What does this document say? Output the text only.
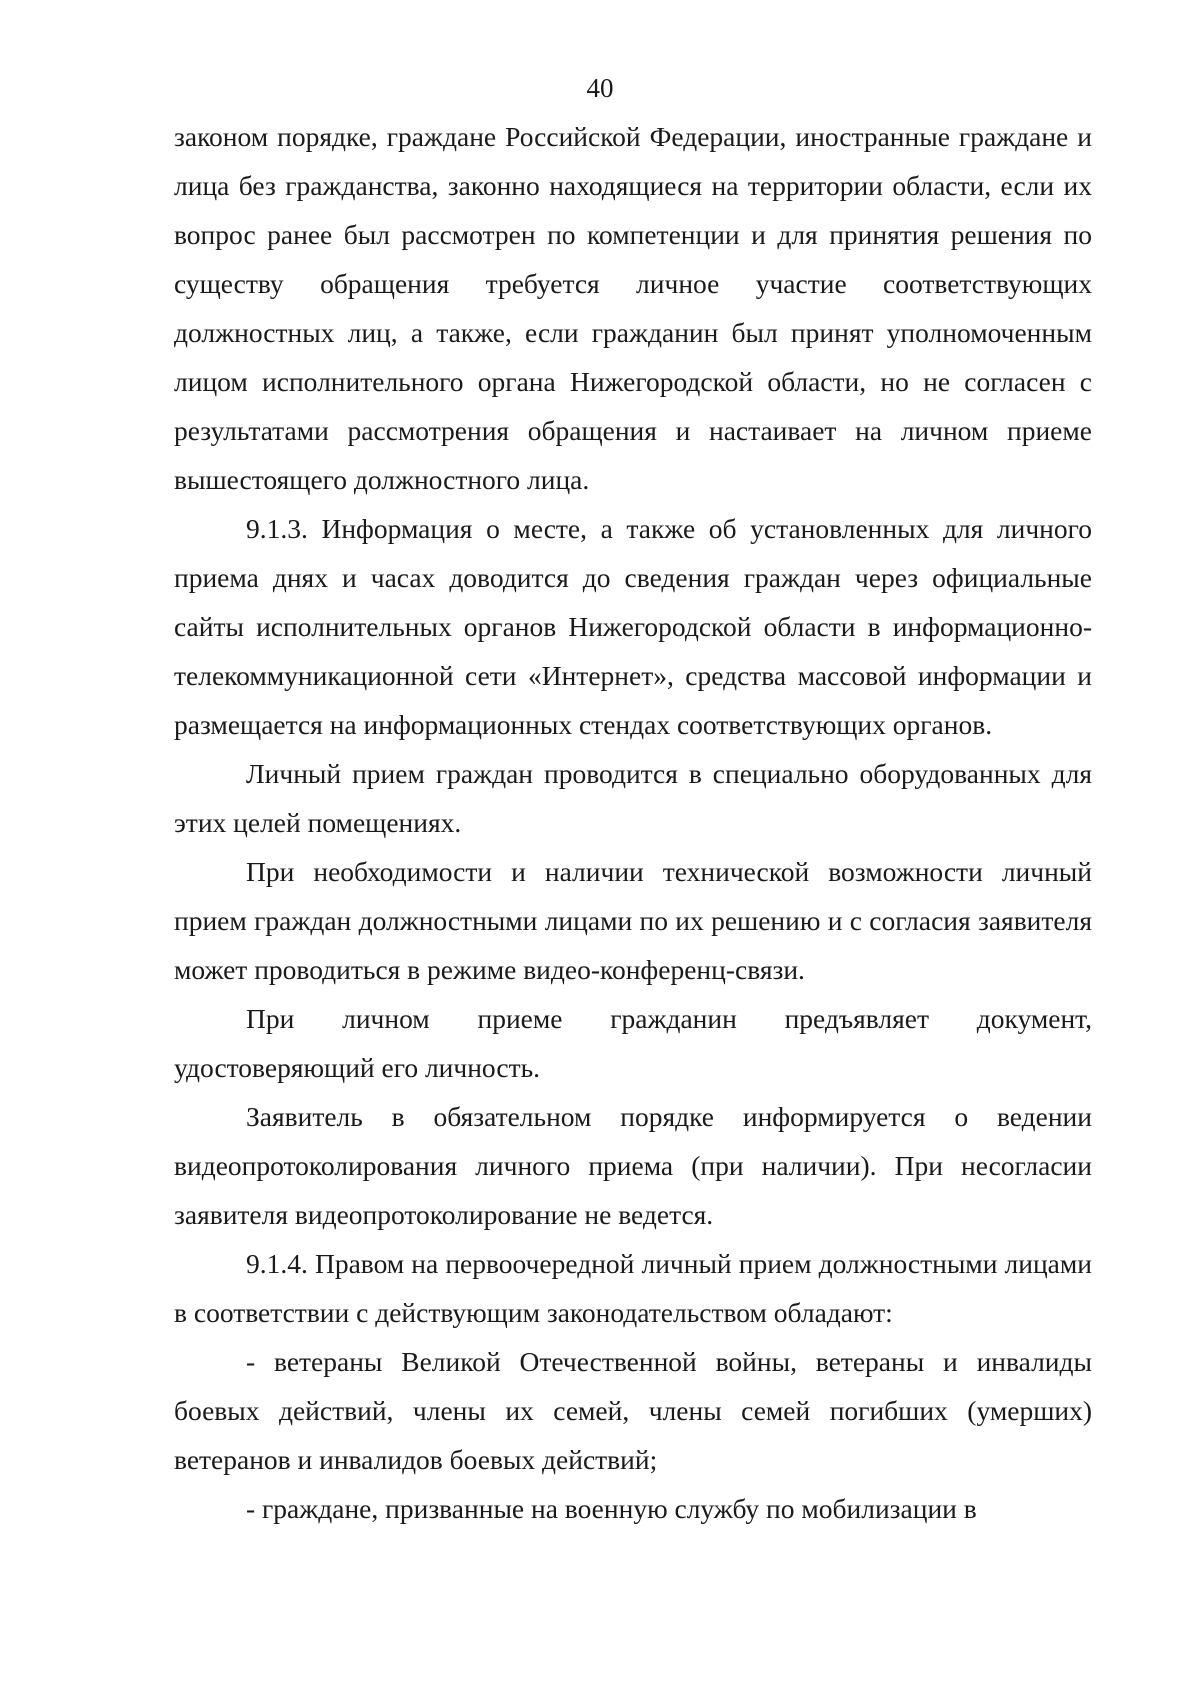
40

законом порядке, граждане Российской Федерации, иностранные граждане и лица без гражданства, законно находящиеся на территории области, если их вопрос ранее был рассмотрен по компетенции и для принятия решения по существу обращения требуется личное участие соответствующих должностных лиц, а также, если гражданин был принят уполномоченным лицом исполнительного органа Нижегородской области, но не согласен с результатами рассмотрения обращения и настаивает на личном приеме вышестоящего должностного лица.

9.1.3. Информация о месте, а также об установленных для личного приема днях и часах доводится до сведения граждан через официальные сайты исполнительных органов Нижегородской области в информационно-телекоммуникационной сети «Интернет», средства массовой информации и размещается на информационных стендах соответствующих органов.

Личный прием граждан проводится в специально оборудованных для этих целей помещениях.

При необходимости и наличии технической возможности личный прием граждан должностными лицами по их решению и с согласия заявителя может проводиться в режиме видео-конференц-связи.

При личном приеме гражданин предъявляет документ, удостоверяющий его личность.

Заявитель в обязательном порядке информируется о ведении видеопротоколирования личного приема (при наличии). При несогласии заявителя видеопротоколирование не ведется.

9.1.4. Правом на первоочередной личный прием должностными лицами в соответствии с действующим законодательством обладают:

- ветераны Великой Отечественной войны, ветераны и инвалиды боевых действий, члены их семей, члены семей погибших (умерших) ветеранов и инвалидов боевых действий;

- граждане, призванные на военную службу по мобилизации в
